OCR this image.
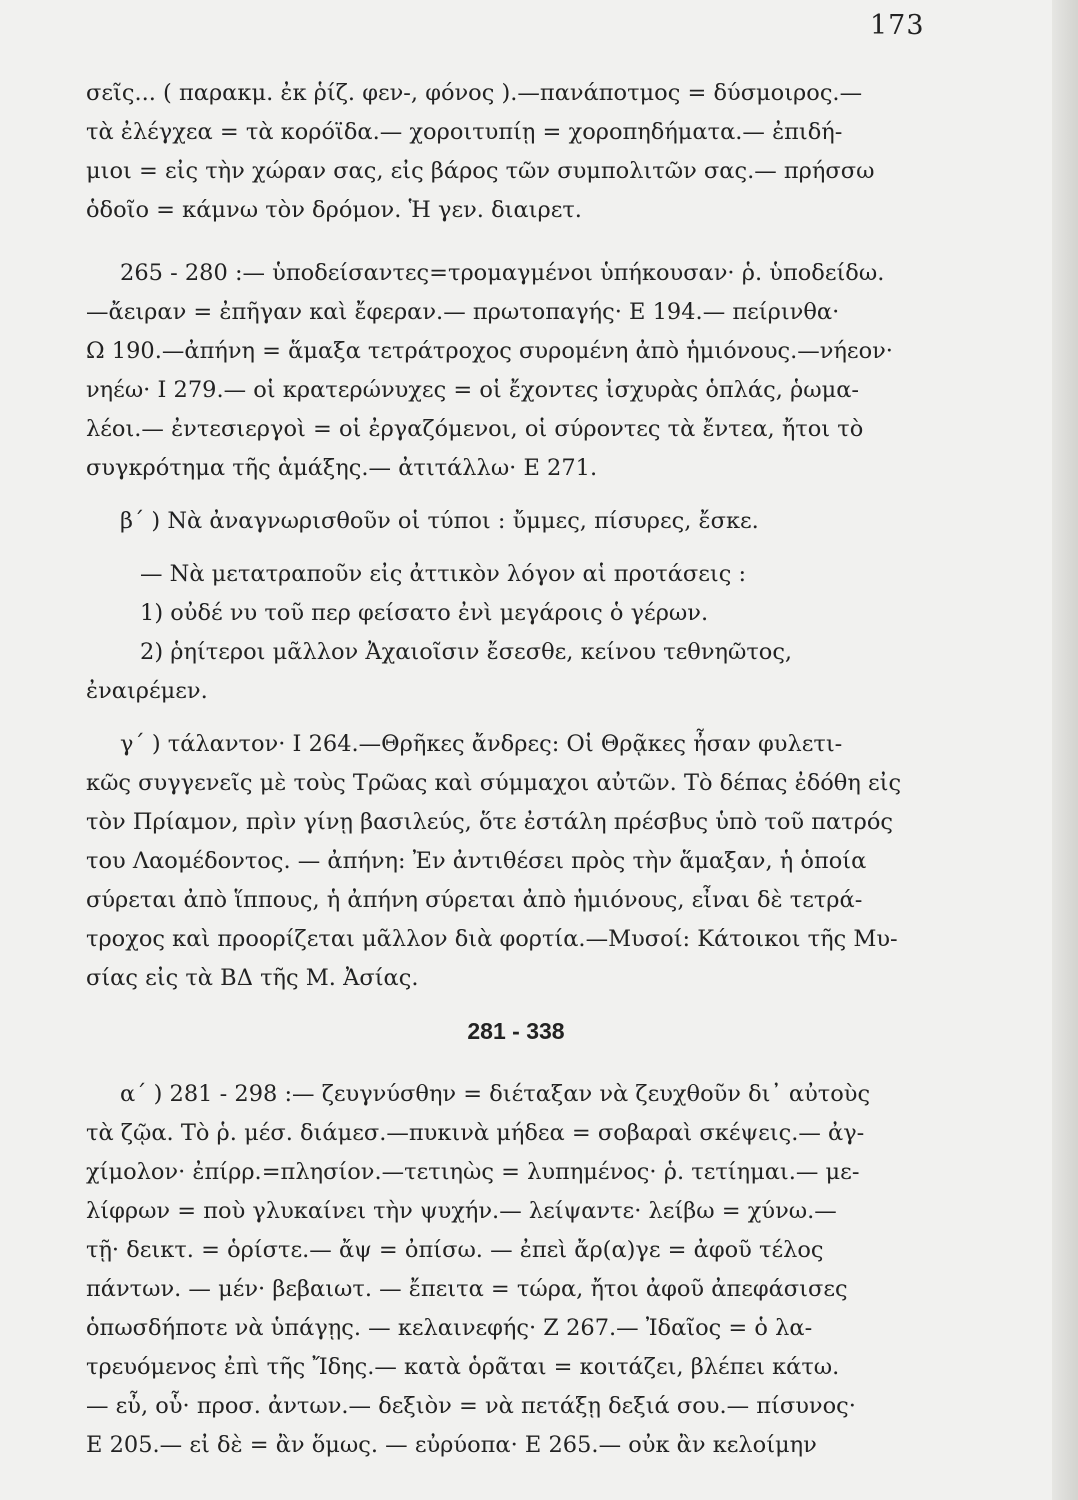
173
σεῖς... ( παρακμ. ἐκ ῥίζ. φεν-, φόνος ).—πανάποτμος = δύσμοιρος.—
τὰ ἐλέγχεα = τὰ κορόϊδα.— χοροιτυπίῃ = χοροπηδήματα.— ἐπιδή-
μιοι = εἰς τὴν χώραν σας, εἰς βάρος τῶν συμπολιτῶν σας.— πρήσσω
ὁδοῖο = κάμνω τὸν δρόμον. Ἡ γεν. διαιρετ.
265 - 280 :— ὑποδείσαντες=τρομαγμένοι ὑπήκουσαν· ῥ. ὑποδείδω.
—ἄειραν = ἐπῆγαν καὶ ἔφεραν.— πρωτοπαγής· Ε 194.— πείρινθα·
Ω 190.—ἀπήνη = ἅμαξα τετράτροχος συρομένη ἀπὸ ἡμιόνους.—νήεον·
νηέω· Ι 279.— οἱ κρατερώνυχες = οἱ ἔχοντες ἰσχυρὰς ὁπλάς, ῥωμα-
λέοι.— ἐντεσιεργοὶ = οἱ ἐργαζόμενοι, οἱ σύροντες τὰ ἔντεα, ἤτοι τὸ
συγκρότημα τῆς ἁμάξης.— ἀτιτάλλω· Ε 271.
β΄ ) Νὰ ἀναγνωρισθοῦν οἱ τύποι : ὔμμες, πίσυρες, ἔσκε.
— Νὰ μετατραποῦν εἰς ἀττικὸν λόγον αἱ προτάσεις :
1) οὐδέ νυ τοῦ περ φείσατο ἐνὶ μεγάροις ὁ γέρων.
2) ῥηίτεροι μᾶλλον Ἀχαιοῖσιν ἔσεσθε, κείνου τεθνηῶτος,
ἐναιρέμεν.
γ΄ ) τάλαντον· Ι 264.—Θρῆκες ἄνδρες: Οἱ Θρᾷκες ἦσαν φυλετι-
κῶς συγγενεῖς μὲ τοὺς Τρῶας καὶ σύμμαχοι αὐτῶν. Τὸ δέπας ἐδόθη εἰς
τὸν Πρίαμον, πρὶν γίνῃ βασιλεύς, ὅτε ἐστάλη πρέσβυς ὑπὸ τοῦ πατρός
του Λαομέδοντος. — ἀπήνη: Ἐν ἀντιθέσει πρὸς τὴν ἅμαξαν, ἡ ὁποία
σύρεται ἀπὸ ἵππους, ἡ ἀπήνη σύρεται ἀπὸ ἡμιόνους, εἶναι δὲ τετρά-
τροχος καὶ προορίζεται μᾶλλον διὰ φορτία.—Μυσοί: Κάτοικοι τῆς Μυ-
σίας εἰς τὰ ΒΔ τῆς Μ. Ἀσίας.
281 - 338
α΄ ) 281 - 298 :— ζευγνύσθην = διέταξαν νὰ ζευχθοῦν δι᾽ αὐτοὺς
τὰ ζῷα. Τὸ ῥ. μέσ. διάμεσ.—πυκινὰ μήδεα = σοβαραὶ σκέψεις.— ἀγ-
χίμολον· ἐπίρρ.=πλησίον.—τετιηὼς = λυπημένος· ῥ. τετίημαι.— με-
λίφρων = ποὺ γλυκαίνει τὴν ψυχήν.— λείψαντε· λείβω = χύνω.—
τῇ· δεικτ. = ὁρίστε.— ἄψ = ὀπίσω. — ἐπεὶ ἄρ(α)γε = ἀφοῦ τέλος
πάντων. — μέν· βεβαιωτ. — ἔπειτα = τώρα, ἤτοι ἀφοῦ ἀπεφάσισες
ὁπωσδήποτε νὰ ὑπάγῃς. — κελαινεφής· Ζ 267.— Ἰδαῖος = ὁ λα-
τρευόμενος ἐπὶ τῆς Ἴδης.— κατὰ ὁρᾶται = κοιτάζει, βλέπει κάτω.
— εὖ, οὗ· προσ. ἀντων.— δεξιὸν = νὰ πετάξῃ δεξιά σου.— πίσυνος·
Ε 205.— εἰ δὲ = ἂν ὅμως. — εὐρύοπα· Ε 265.— οὐκ ἂν κελοίμην
